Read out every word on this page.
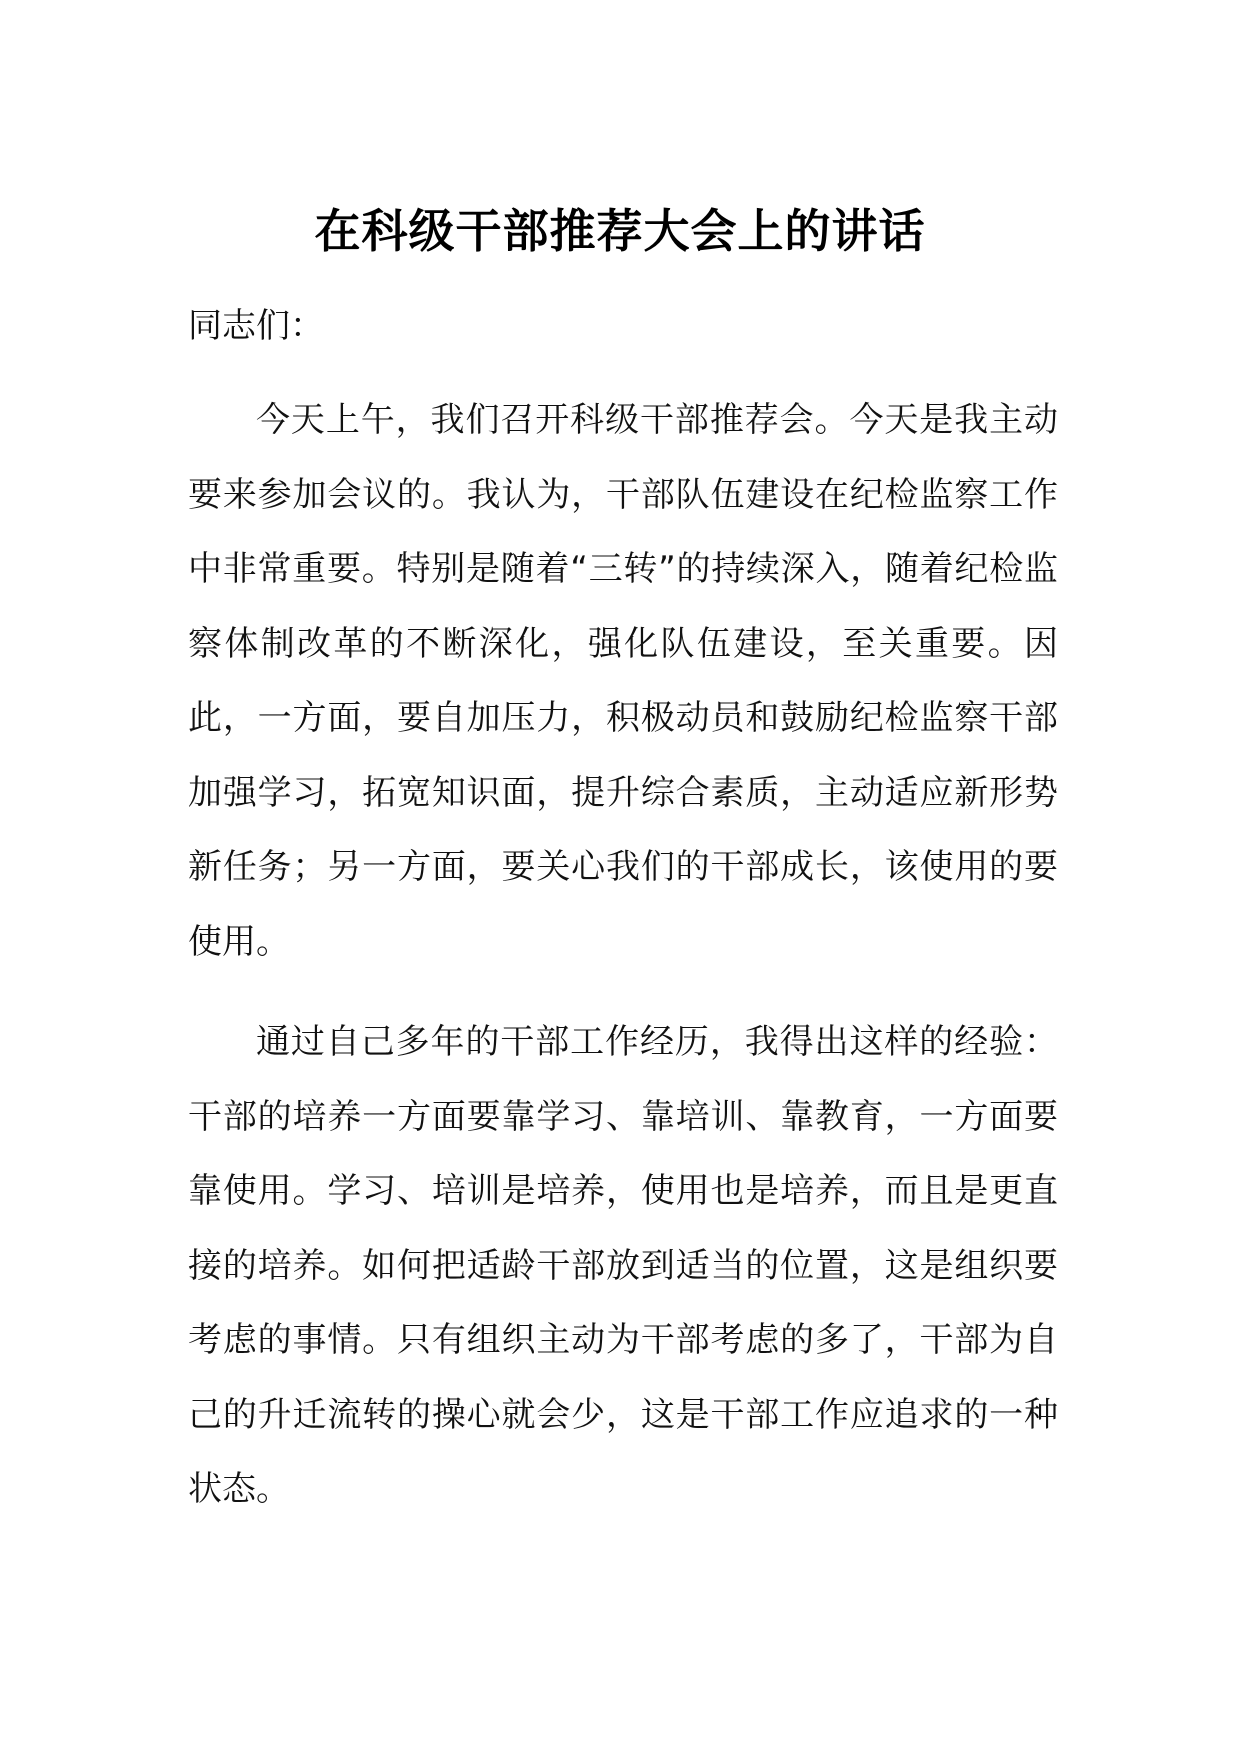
在科级干部推荐大会上的讲话
同志们：

今天上午，我们召开科级干部推荐会。今天是我主动要来参加会议的。我认为，干部队伍建设在纪检监察工作中非常重要。特别是随着“三转”的持续深入，随着纪检监察体制改革的不断深化，强化队伍建设，至关重要。因此，一方面，要自加压力，积极动员和鼓励纪检监察干部加强学习，拓宽知识面，提升综合素质，主动适应新形势新任务；另一方面，要关心我们的干部成长，该使用的要使用。

通过自己多年的干部工作经历，我得出这样的经验：干部的培养一方面要靠学习、靠培训、靠教育，一方面要靠使用。学习、培训是培养，使用也是培养，而且是更直接的培养。如何把适龄干部放到适当的位置，这是组织要考虑的事情。只有组织主动为干部考虑的多了，干部为自己的升迁流转的操心就会少，这是干部工作应追求的一种状态。
